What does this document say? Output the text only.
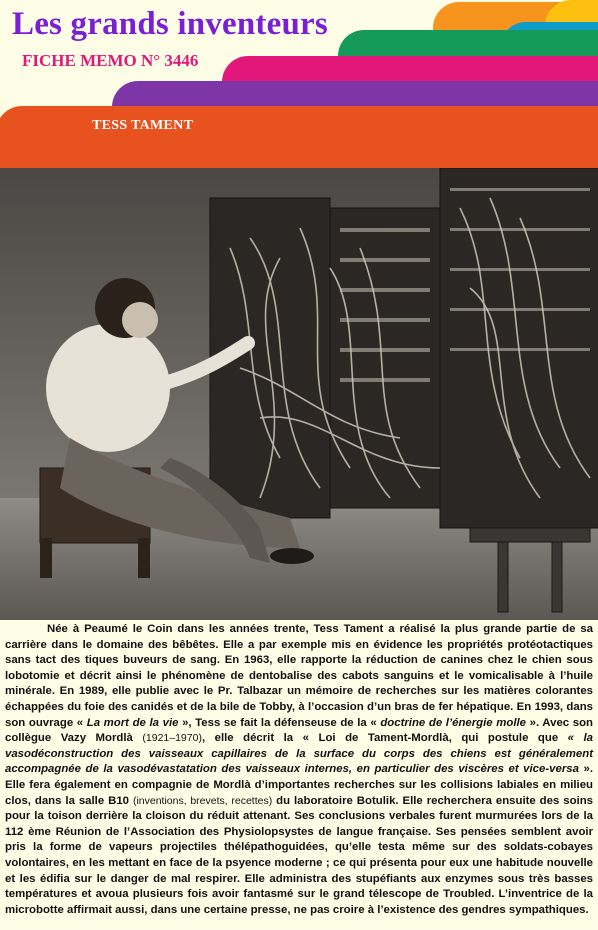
Les grands inventeurs
FICHE MEMO N° 3446
TESS TAMENT

Née à Peaumé le Coin dans les années trente, Tess Tament a réalisé la plus grande partie de sa carrière dans le domaine des bêbêtes. Elle a par exemple mis en évidence les propriétés protéotactiques sans tact des tiques buveurs de sang. En 1963, elle rapporte la réduction de canines chez le chien sous lobotomie et décrit ainsi le phénomène de dentobalise des cabots sanguins et le vomicalisable à l’huile minérale. En 1989, elle publie avec le Pr. Talbazar un mémoire de recherches sur les matières colorantes échappées du foie des canidés et de la bile de Tobby, à l’occasion d’un bras de fer hépatique. En 1993, dans son ouvrage « La mort de la vie », Tess se fait la défenseuse de la « doctrine de l’énergie molle ». Avec son collègue Vazy Mordlà (1921–1970), elle décrit la « Loi de Tament-Mordlà, qui postule que « la vasodéconstruction des vaisseaux capillaires de la surface du corps des chiens est généralement accompagnée de la vasodévastatation des vaisseaux internes, en particulier des viscères et vice-versa ». Elle fera également en compagnie de Mordlà d’importantes recherches sur les collisions labiales en milieu clos, dans la salle B10 (inventions, brevets, recettes) du laboratoire Botulik. Elle recherchera ensuite des soins pour la toison derrière la cloison du réduit attenant. Ses conclusions verbales furent murmurées lors de la 112 ème Réunion de l’Association des Physiolopsystes de langue française. Ses pensées semblent avoir pris la forme de vapeurs projectiles thélépathoguidées, qu’elle testa même sur des soldats-cobayes volontaires, en les mettant en face de la psyence moderne ; ce qui présenta pour eux une habitude nouvelle et les édifia sur le danger de mal respirer. Elle administra des stupéfiants aux enzymes sous très basses températures et avoua plusieurs fois avoir fantasmé sur le grand télescope de Troubled. L’inventrice de la microbotte affirmait aussi, dans une certaine presse, ne pas croire à l’existence des gendres sympathiques.
